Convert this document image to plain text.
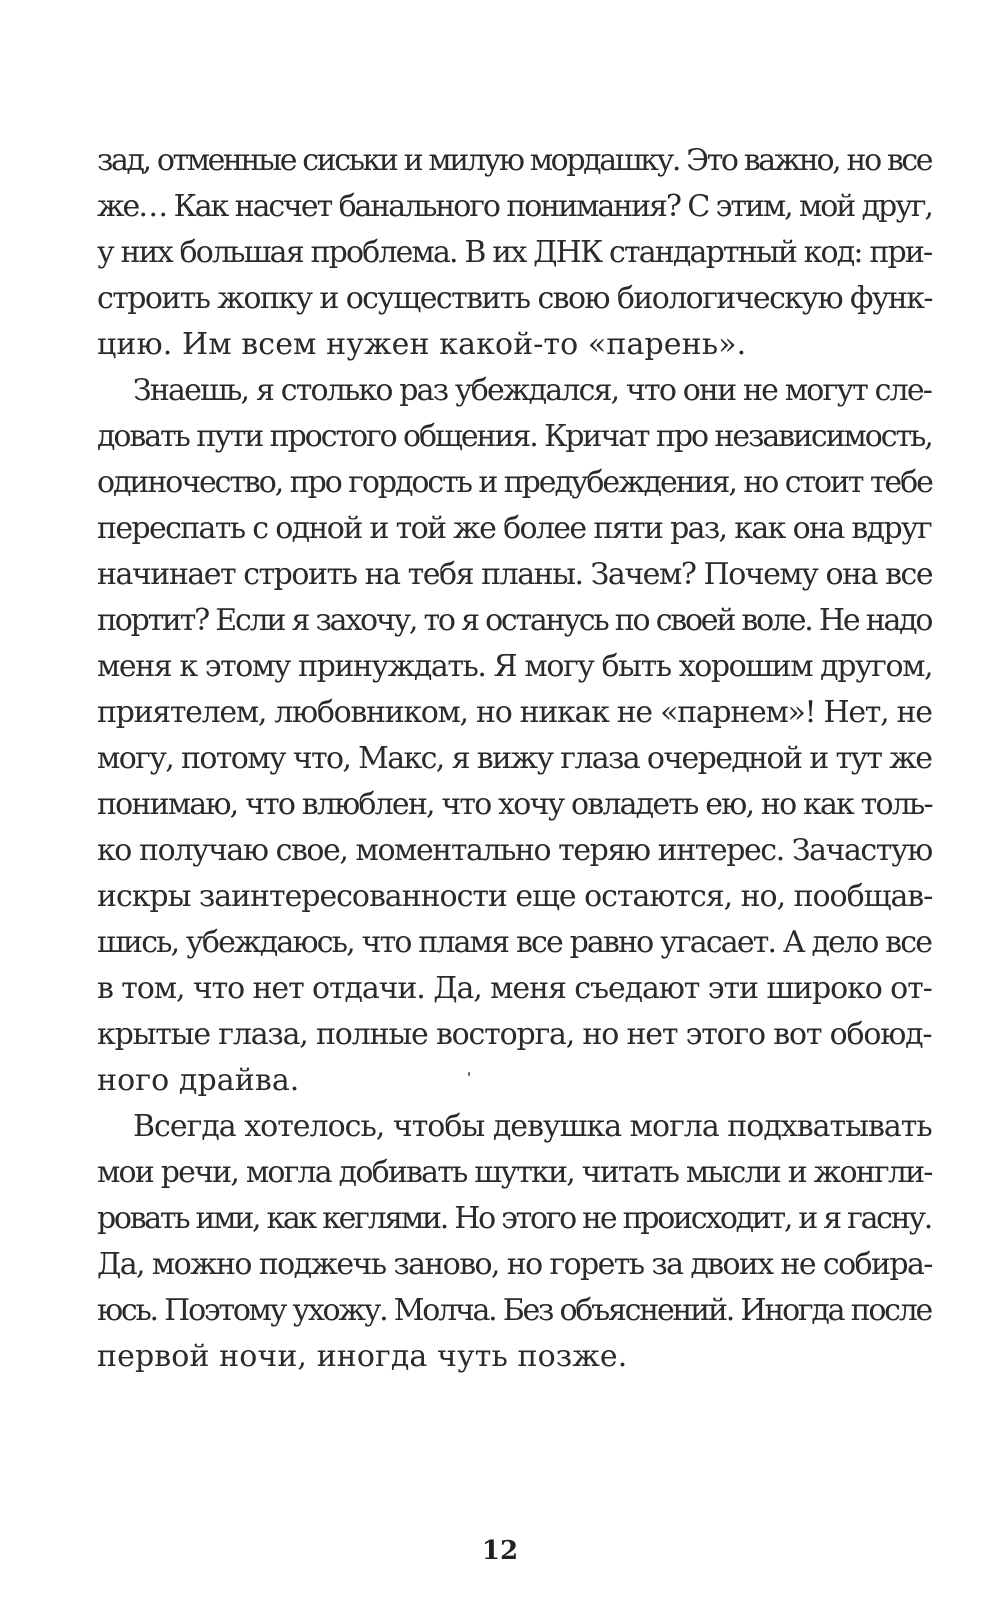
зад, отменные сиськи и милую мордашку. Это важно, но все
же… Как насчет банального понимания? С этим, мой друг,
у них большая проблема. В их ДНК стандартный код: при-
строить жопку и осуществить свою биологическую функ-
цию. Им всем нужен какой-то «парень».
Знаешь, я столько раз убеждался, что они не могут сле-
довать пути простого общения. Кричат про независимость,
одиночество, про гордость и предубеждения, но стоит тебе
переспать с одной и той же более пяти раз, как она вдруг
начинает строить на тебя планы. Зачем? Почему она все
портит? Если я захочу, то я останусь по своей воле. Не надо
меня к этому принуждать. Я могу быть хорошим другом,
приятелем, любовником, но никак не «парнем»! Нет, не
могу, потому что, Макс, я вижу глаза очередной и тут же
понимаю, что влюблен, что хочу овладеть ею, но как толь-
ко получаю свое, моментально теряю интерес. Зачастую
искры заинтересованности еще остаются, но, пообщав-
шись, убеждаюсь, что пламя все равно угасает. А дело все
в том, что нет отдачи. Да, меня съедают эти широко от-
крытые глаза, полные восторга, но нет этого вот обоюд-
ного драйва.
Всегда хотелось, чтобы девушка могла подхватывать
мои речи, могла добивать шутки, читать мысли и жонгли-
ровать ими, как кеглями. Но этого не происходит, и я гасну.
Да, можно поджечь заново, но гореть за двоих не собира-
юсь. Поэтому ухожу. Молча. Без объяснений. Иногда после
первой ночи, иногда чуть позже.
12
